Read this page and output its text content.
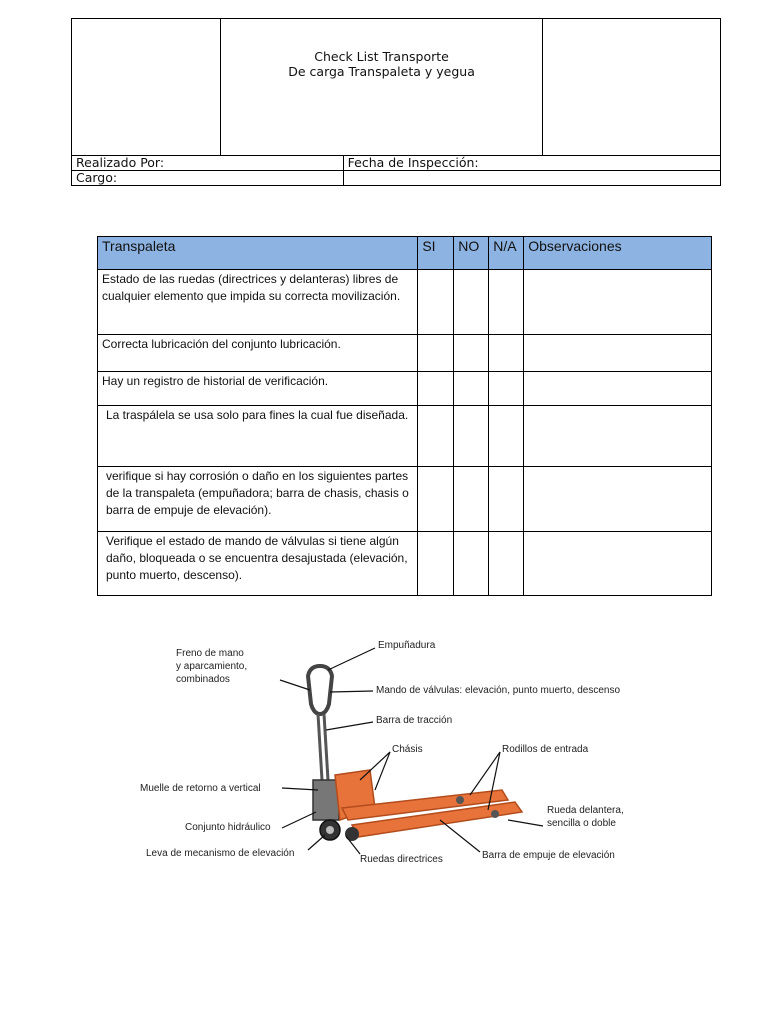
	Check List Transporte
De carga Transpaleta y yegua		

Realizado Por:		Fecha de Inspección:	
Cargo:			
Transpaleta	SI	NO	N/A	Observaciones
Estado de las ruedas (directrices y delanteras) libres de cualquier elemento que impida su correcta movilización.				
Correcta lubricación del conjunto lubricación.				
Hay un registro de historial de verificación.				
La traspálela se usa solo para fines la cual fue diseñada.				
verifique si hay corrosión o daño en los siguientes partes de la transpaleta (empuñadora; barra de chasis, chasis o barra de empuje de elevación).				
Verifique el estado de mando de válvulas si tiene algún daño, bloqueada o se encuentra desajustada (elevación, punto muerto, descenso).				
Freno de mano
y aparcamiento,
combinados
Empuñadura
Mando de válvulas: elevación, punto muerto, descenso
Barra de tracción
Chásis	Rodillos de entrada
Muelle de retorno a vertical
Rueda delantera,
sencilla o doble
Conjunto hidráulico
Leva de mecanismo de elevación
Ruedas directrices	Barra de empuje de elevación
